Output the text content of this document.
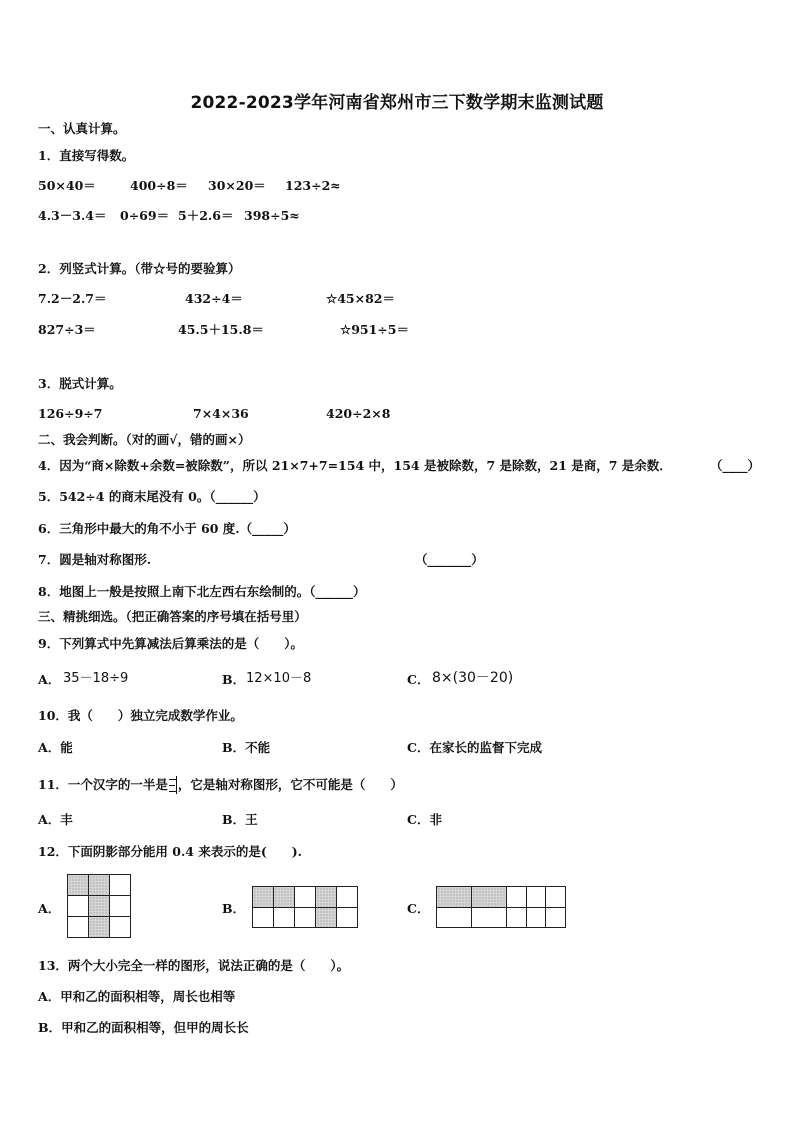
2022-2023学年河南省郑州市三下数学期末监测试题
一、认真计算。
1．直接写得数。
50×40＝	400÷8＝ 30×20＝ 123÷2≈
4.3－3.4＝ 0÷69＝ 5＋2.6＝ 398÷5≈
2．列竖式计算。（带☆号的要验算）
7.2－2.7＝	432÷4＝	☆45×82＝
827÷3＝	45.5＋15.8＝	☆951÷5＝
3．脱式计算。
126÷9÷7	7×4×36	420÷2×8
二、我会判断。（对的画√，错的画×）
4．因为“商×除数+余数=被除数”，所以 21×7+7=154 中，154 是被除数，7 是除数，21 是商，7 是余数．	（____）
5．542÷4 的商末尾没有 0。（______）
6．三角形中最大的角不小于 60 度.（_____）
7．圆是轴对称图形.	（_______）
8．地图上一般是按照上南下北左西右东绘制的。（______）
三、精挑细选。（把正确答案的序号填在括号里）
9．下列算式中先算减法后算乘法的是（　　）。
A． 35－18÷9	B． 12×10－8	C． 8×(30－20)
10．我（　　）独立完成数学作业。
A．能	B．不能	C．在家长的监督下完成
11．一个汉字的一半是 ，它是轴对称图形，它不可能是（　　）
A．丰	B．王	C．非
12．下面阴影部分能用 0.4 来表示的是(　　).
A．

			B．

					C．

13．两个大小完全一样的图形，说法正确的是（　　）。
A．甲和乙的面积相等，周长也相等
B．甲和乙的面积相等，但甲的周长长
